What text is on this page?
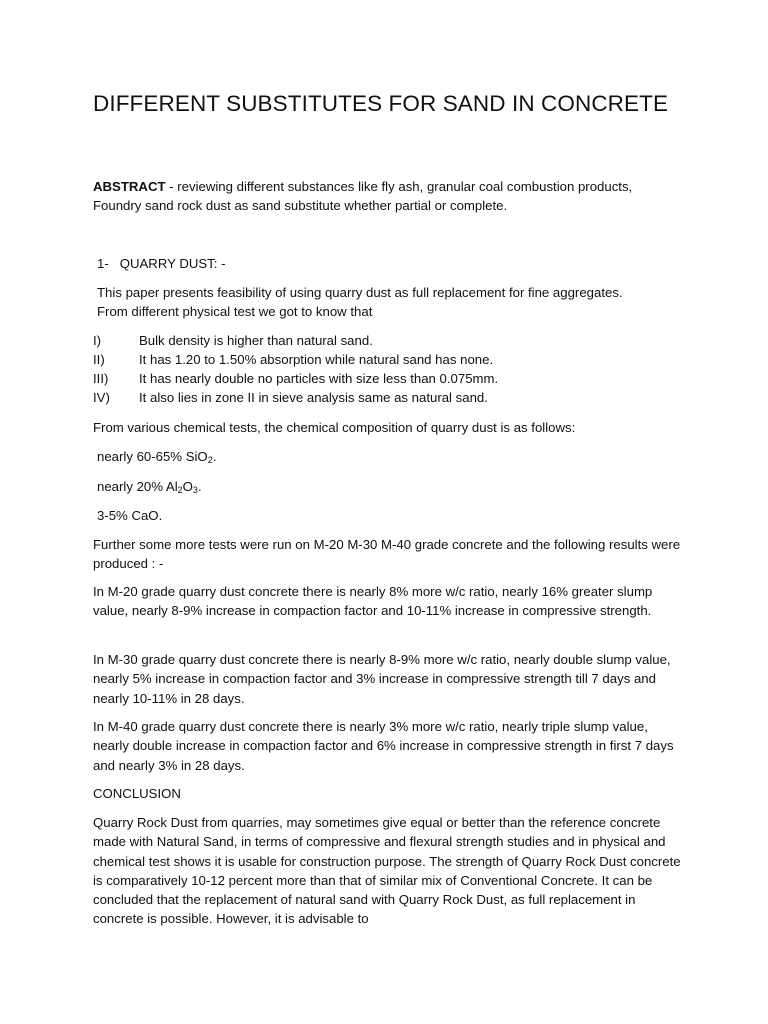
DIFFERENT SUBSTITUTES FOR SAND IN CONCRETE
ABSTRACT - reviewing different substances like fly ash, granular coal combustion products, Foundry sand rock dust as sand substitute whether partial or complete.
1-   QUARRY DUST: -
This paper presents feasibility of using quarry dust as full replacement for fine aggregates.
From different physical test we got to know that
I)	Bulk density is higher than natural sand.
II)	It has 1.20 to 1.50% absorption while natural sand has none.
III) It has nearly double no particles with size less than 0.075mm.
IV) It also lies in zone II in sieve analysis same as natural sand.
From various chemical tests, the chemical composition of quarry dust is as follows:
nearly 60-65% SiO$_2$.
nearly 20% $Al_2O_3$.
3-5% CaO.
Further some more tests were run on M-20 M-30 M-40 grade concrete and the following results were produced : -
In M-20 grade quarry dust concrete there is nearly 8% more w/c ratio, nearly 16% greater slump value, nearly 8-9% increase in compaction factor and 10-11% increase in compressive strength.
In M-30 grade quarry dust concrete there is nearly 8-9% more w/c ratio, nearly double slump value, nearly 5% increase in compaction factor and 3% increase in compressive strength till 7 days and nearly 10-11% in 28 days.
In M-40 grade quarry dust concrete there is nearly 3% more w/c ratio, nearly triple slump value, nearly double increase in compaction factor and 6% increase in compressive strength in first 7 days and nearly 3% in 28 days.
CONCLUSION
Quarry Rock Dust from quarries, may sometimes give equal or better than the reference concrete made with Natural Sand, in terms of compressive and flexural strength studies and in physical and chemical test shows it is usable for construction purpose. The strength of Quarry Rock Dust concrete is comparatively 10-12 percent more than that of similar mix of Conventional Concrete. It can be concluded that the replacement of natural sand with Quarry Rock Dust, as full replacement in concrete is possible. However, it is advisable to
